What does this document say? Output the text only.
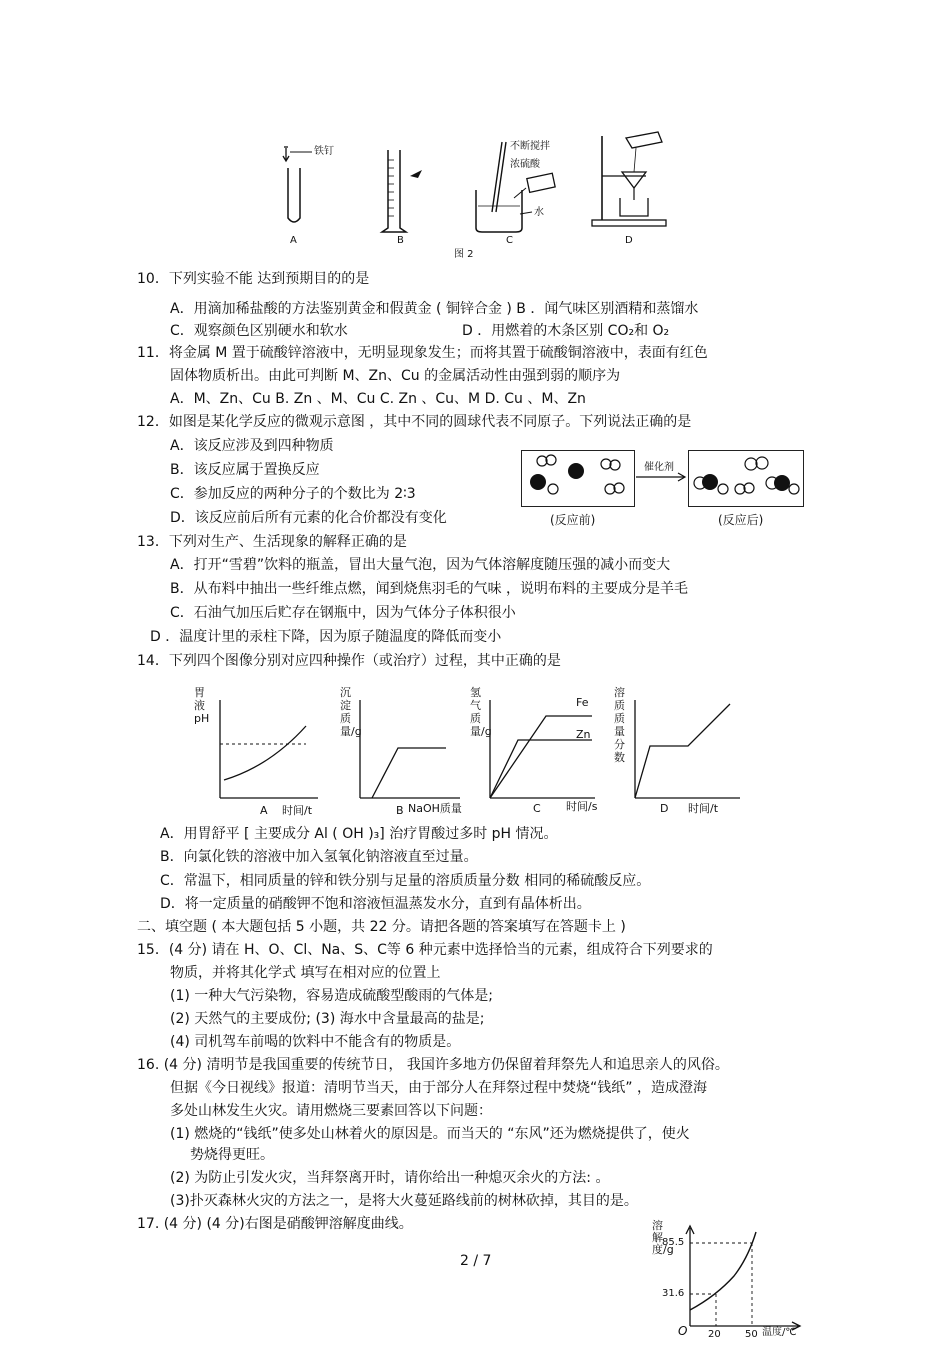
A	B	C	D
铁钉	不断搅拌
浓硫酸
水
图 2
10．下列实验不能 达到预期目的的是
A．用滴加稀盐酸的方法鉴别黄金和假黄金 ( 铜锌合金 ) B ．闻气味区别酒精和蒸馏水
C．观察颜色区别硬水和软水	D ．用燃着的木条区别 CO₂和 O₂
11．将金属 M 置于硫酸锌溶液中，无明显现象发生；而将其置于硫酸铜溶液中，表面有红色
固体物质析出。由此可判断 M、Zn、Cu 的金属活动性由强到弱的顺序为
A．M、Zn、Cu B. Zn 、M、Cu C. Zn 、Cu、M D. Cu 、M、Zn
12．如图是某化学反应的微观示意图 ，其中不同的圆球代表不同原子。下列说法正确的是
A．该反应涉及到四种物质
B．该反应属于置换反应
C．参加反应的两种分子的个数比为 2∶3
D．该反应前后所有元素的化合价都没有变化
催化剂
(反应前)	(反应后)
13．下列对生产、生活现象的解释正确的是
A．打开“雪碧”饮料的瓶盖，冒出大量气泡，因为气体溶解度随压强的减小而变大
B．从布料中抽出一些纤维点燃，闻到烧焦羽毛的气味 ，说明布料的主要成分是羊毛
C．石油气加压后贮存在钢瓶中，因为气体分子体积很小
D ．温度计里的汞柱下降，因为原子随温度的降低而变小
14．下列四个图像分别对应四种操作（或治疗）过程，其中正确的是
胃液pH
A 时间/t
沉淀质量/g
B NaOH质量
氢气质量/g
Fe
Zn
C 时间/s
溶质质量分数
D 时间/t
A．用胃舒平 [ 主要成分 Al ( OH )₃] 治疗胃酸过多时 pH 情况。
B．向氯化铁的溶液中加入氢氧化钠溶液直至过量。
C．常温下，相同质量的锌和铁分别与足量的溶质质量分数 相同的稀硫酸反应。
D．将一定质量的硝酸钾不饱和溶液恒温蒸发水分，直到有晶体析出。
二、填空题 ( 本大题包括 5 小题，共 22 分。请把各题的答案填写在答题卡上 )
15．(4 分) 请在 H、O、Cl、Na、S、C等 6 种元素中选择恰当的元素，组成符合下列要求的
物质，并将其化学式 填写在相对应的位置上
(1) 一种大气污染物，容易造成硫酸型酸雨的气体是;
(2) 天然气的主要成份; (3) 海水中含量最高的盐是;
(4) 司机驾车前喝的饮料中不能含有的物质是。
16. (4 分) 清明节是我国重要的传统节日， 我国许多地方仍保留着拜祭先人和追思亲人的风俗。
但据《今日视线》报道：清明节当天，由于部分人在拜祭过程中焚烧“钱纸” ，造成澄海
多处山林发生火灾。请用燃烧三要素回答以下问题：
(1) 燃烧的“钱纸”使多处山林着火的原因是。而当天的 “东风”还为燃烧提供了，使火
势烧得更旺。
(2) 为防止引发火灾，当拜祭离开时，请你给出一种熄灭余火的方法: 。
(3)扑灭森林火灾的方法之一，是将大火蔓延路线前的树林砍掉，其目的是。
17. (4 分) (4 分)右图是硝酸钾溶解度曲线。	溶解度/g
85.5
31.6
O 20 50 温度/℃
2 / 7
